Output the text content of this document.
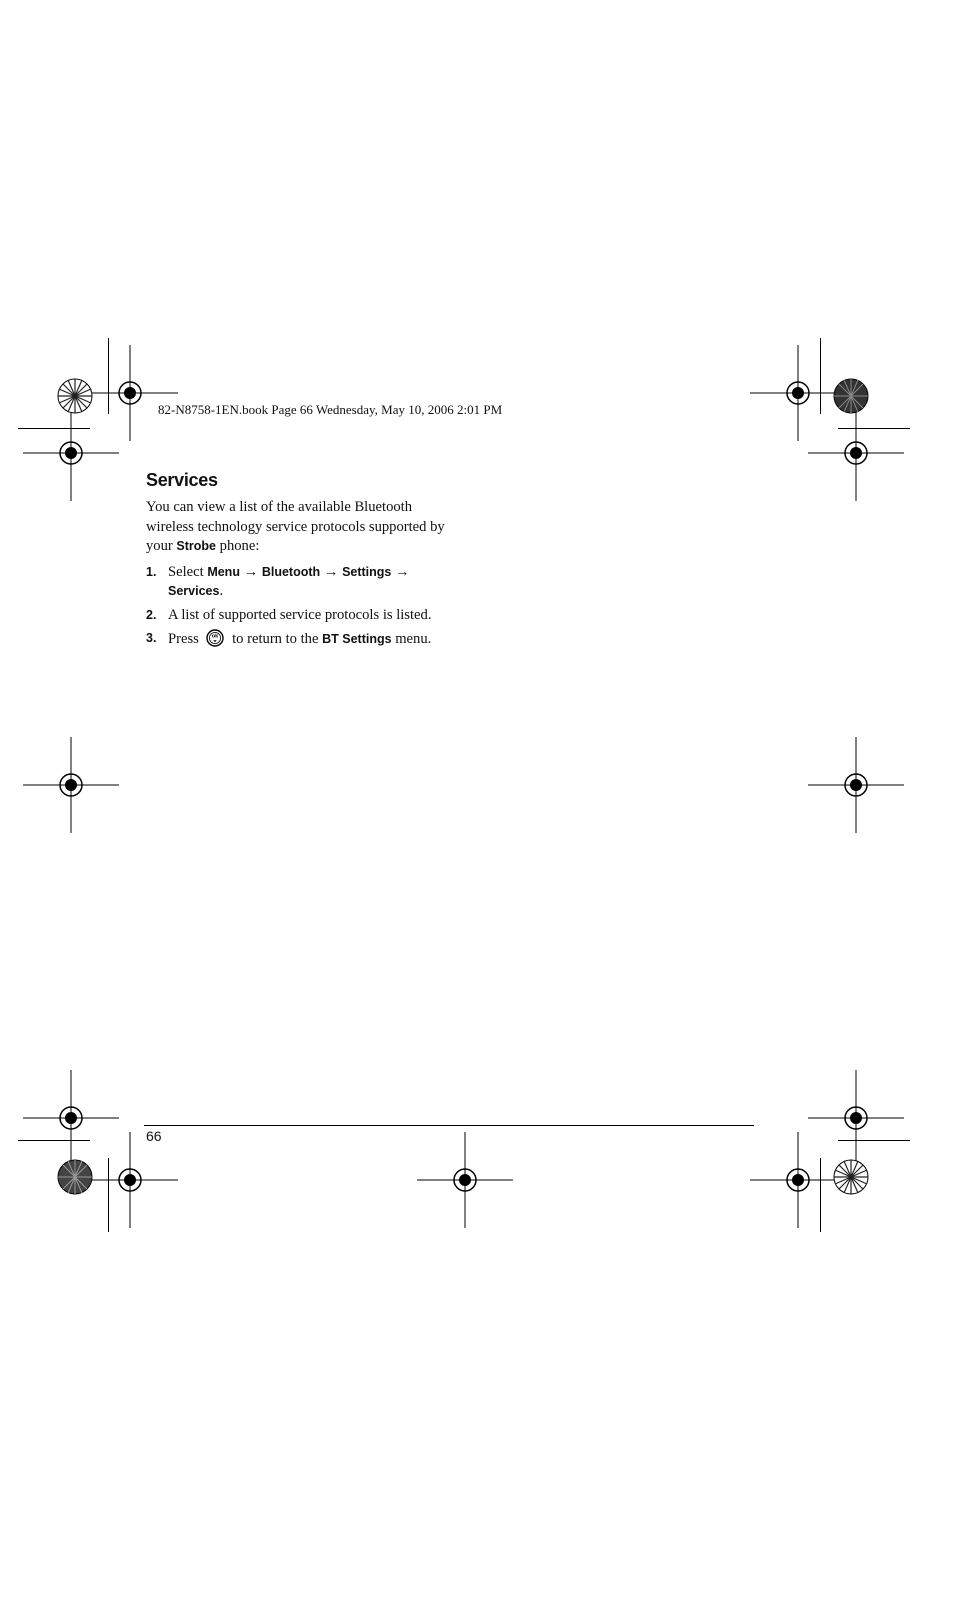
82-N8758-1EN.book Page 66 Wednesday, May 10, 2006 2:01 PM
Services

You can view a list of the available Bluetooth wireless technology service protocols supported by your Strobe phone:

1. Select Menu → Bluetooth → Settings →
Services.
2. A list of supported service protocols is listed.
3. Press ok to return to the BT Settings menu.
66
